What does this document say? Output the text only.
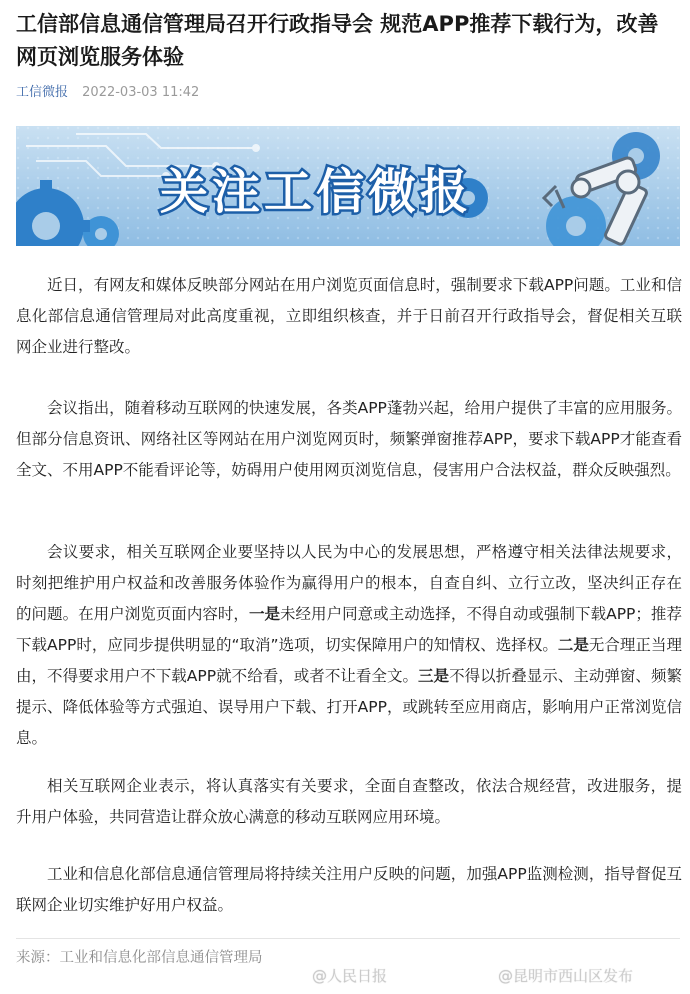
工信部信息通信管理局召开行政指导会 规范APP推荐下载行为，改善网页浏览服务体验
工信微报 2022-03-03 11:42
关注工信微报

近日，有网友和媒体反映部分网站在用户浏览页面信息时，强制要求下载APP问题。工业和信息化部信息通信管理局对此高度重视，立即组织核查，并于日前召开行政指导会，督促相关互联网企业进行整改。

会议指出，随着移动互联网的快速发展，各类APP蓬勃兴起，给用户提供了丰富的应用服务。但部分信息资讯、网络社区等网站在用户浏览网页时，频繁弹窗推荐APP，要求下载APP才能查看全文、不用APP不能看评论等，妨碍用户使用网页浏览信息，侵害用户合法权益，群众反映强烈。

会议要求，相关互联网企业要坚持以人民为中心的发展思想，严格遵守相关法律法规要求，时刻把维护用户权益和改善服务体验作为赢得用户的根本，自查自纠、立行立改，坚决纠正存在的问题。在用户浏览页面内容时，一是未经用户同意或主动选择，不得自动或强制下载APP；推荐下载APP时，应同步提供明显的“取消”选项，切实保障用户的知情权、选择权。二是无合理正当理由，不得要求用户不下载APP就不给看，或者不让看全文。三是不得以折叠显示、主动弹窗、频繁提示、降低体验等方式强迫、误导用户下载、打开APP，或跳转至应用商店，影响用户正常浏览信息。

相关互联网企业表示，将认真落实有关要求，全面自查整改，依法合规经营，改进服务，提升用户体验，共同营造让群众放心满意的移动互联网应用环境。

工业和信息化部信息通信管理局将持续关注用户反映的问题，加强APP监测检测，指导督促互联网企业切实维护好用户权益。

来源：工业和信息化部信息通信管理局
@人民日报	@昆明市西山区发布
